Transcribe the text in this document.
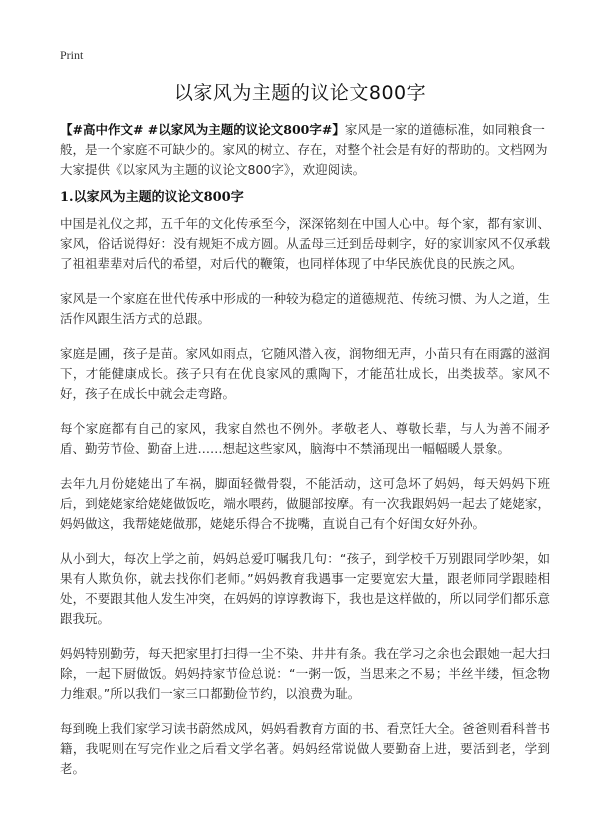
Print
以家风为主题的议论文800字
【#高中作文# #以家风为主题的议论文800字#】家风是一家的道德标准，如同粮食一般，是一个家庭不可缺少的。家风的树立、存在，对整个社会是有好的帮助的。文档网为大家提供《以家风为主题的议论文800字》，欢迎阅读。
1.以家风为主题的议论文800字

中国是礼仪之邦，五千年的文化传承至今，深深铭刻在中国人心中。每个家，都有家训、家风，俗话说得好：没有规矩不成方圆。从孟母三迁到岳母刺字，好的家训家风不仅承载了祖祖辈辈对后代的希望，对后代的鞭策，也同样体现了中华民族优良的民族之风。

家风是一个家庭在世代传承中形成的一种较为稳定的道德规范、传统习惯、为人之道，生活作风跟生活方式的总跟。

家庭是圃，孩子是苗。家风如雨点，它随风潜入夜，润物细无声，小苗只有在雨露的滋润下，才能健康成长。孩子只有在优良家风的熏陶下，才能茁壮成长，出类拔萃。家风不好，孩子在成长中就会走弯路。

每个家庭都有自己的家风，我家自然也不例外。孝敬老人、尊敬长辈，与人为善不闹矛盾、勤劳节俭、勤奋上进……想起这些家风，脑海中不禁涌现出一幅幅暖人景象。

去年九月份姥姥出了车祸，脚面轻微骨裂，不能活动，这可急坏了妈妈，每天妈妈下班后，到姥姥家给姥姥做饭吃，端水喂药，做腿部按摩。有一次我跟妈妈一起去了姥姥家，妈妈做这，我帮姥姥做那，姥姥乐得合不拢嘴，直说自己有个好闺女好外孙。

从小到大，每次上学之前，妈妈总爱叮嘱我几句：“孩子，到学校千万别跟同学吵架，如果有人欺负你，就去找你们老师。”妈妈教育我遇事一定要宽宏大量，跟老师同学跟睦相处，不要跟其他人发生冲突，在妈妈的谆谆教诲下，我也是这样做的，所以同学们都乐意跟我玩。

妈妈特别勤劳，每天把家里打扫得一尘不染、井井有条。我在学习之余也会跟她一起大扫除，一起下厨做饭。妈妈持家节俭总说：“一粥一饭，当思来之不易；半丝半缕，恒念物力维艰。”所以我们一家三口都勤俭节约，以浪费为耻。

每到晚上我们家学习读书蔚然成风，妈妈看教育方面的书、看烹饪大全。爸爸则看科普书籍，我呢则在写完作业之后看文学名著。妈妈经常说做人要勤奋上进，要活到老，学到老。
